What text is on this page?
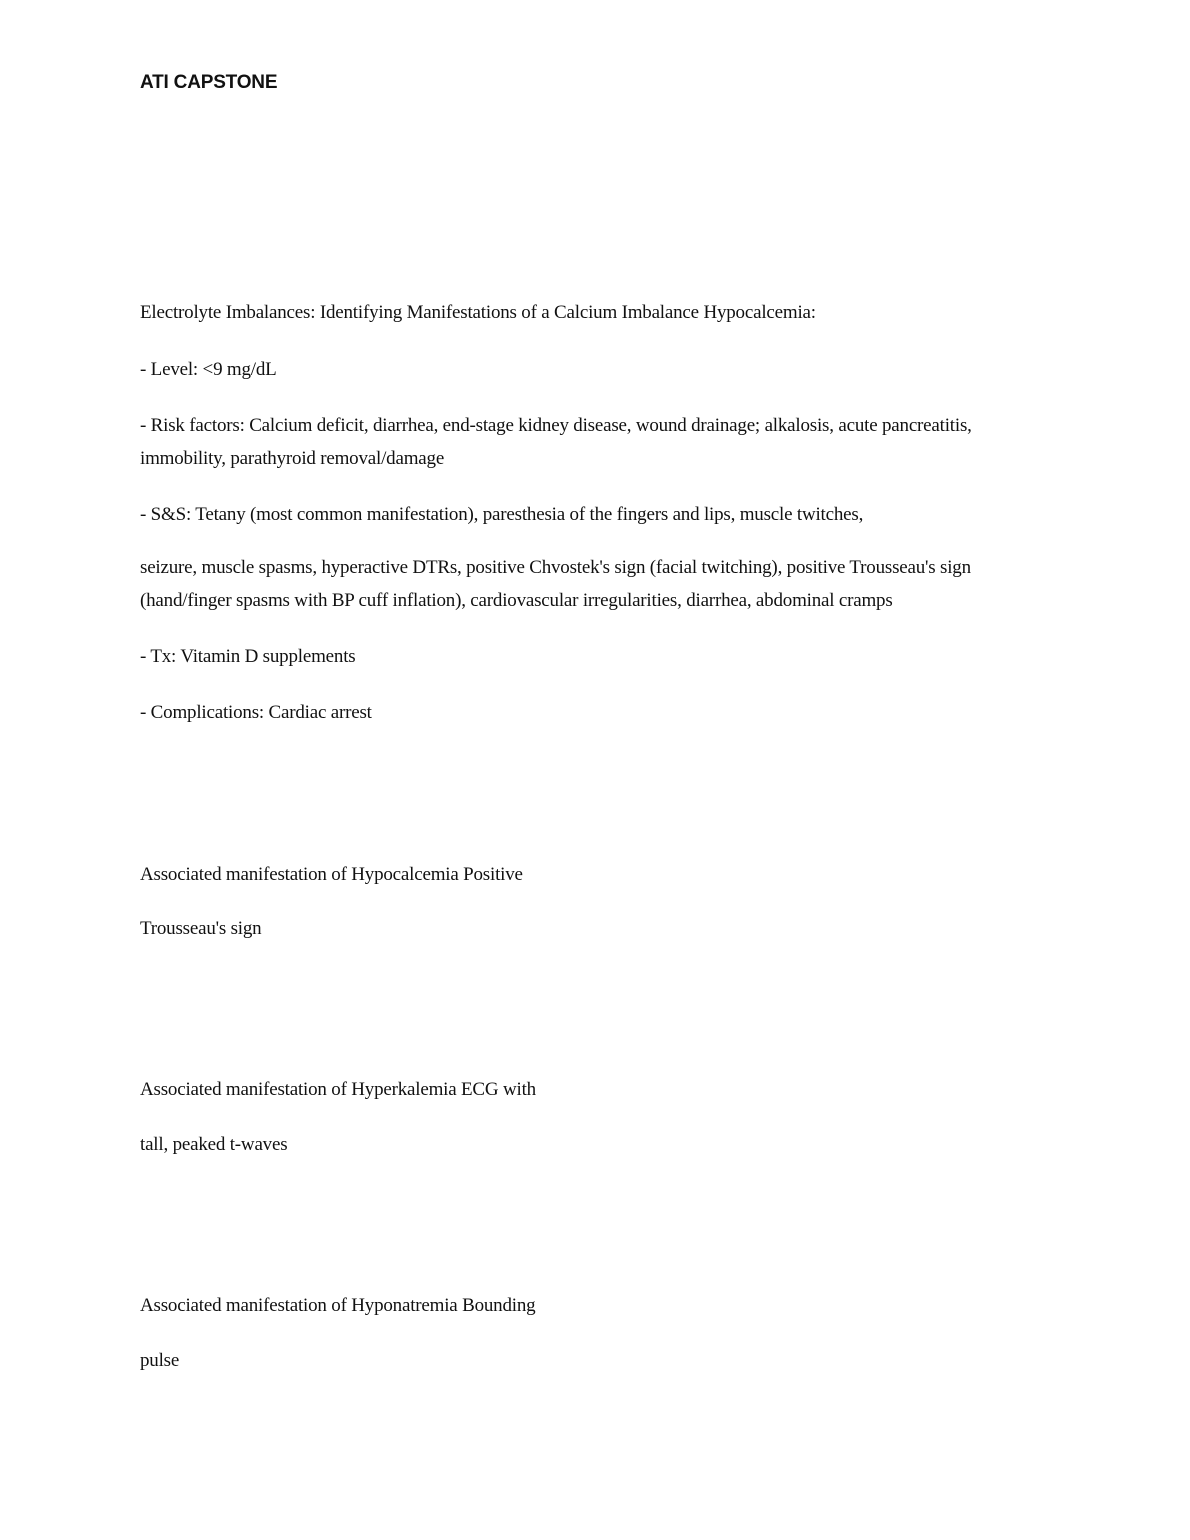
ATI CAPSTONE
Electrolyte Imbalances: Identifying Manifestations of a Calcium Imbalance Hypocalcemia:
- Level: <9 mg/dL
- Risk factors: Calcium deficit, diarrhea, end-stage kidney disease, wound drainage; alkalosis, acute pancreatitis, immobility, parathyroid removal/damage
- S&S: Tetany (most common manifestation), paresthesia of the fingers and lips, muscle twitches,
seizure, muscle spasms, hyperactive DTRs, positive Chvostek's sign (facial twitching), positive Trousseau's sign (hand/finger spasms with BP cuff inflation), cardiovascular irregularities, diarrhea, abdominal cramps
- Tx: Vitamin D supplements
- Complications: Cardiac arrest
Associated manifestation of Hypocalcemia Positive
Trousseau's sign
Associated manifestation of Hyperkalemia ECG with
tall, peaked t-waves
Associated manifestation of Hyponatremia Bounding
pulse
